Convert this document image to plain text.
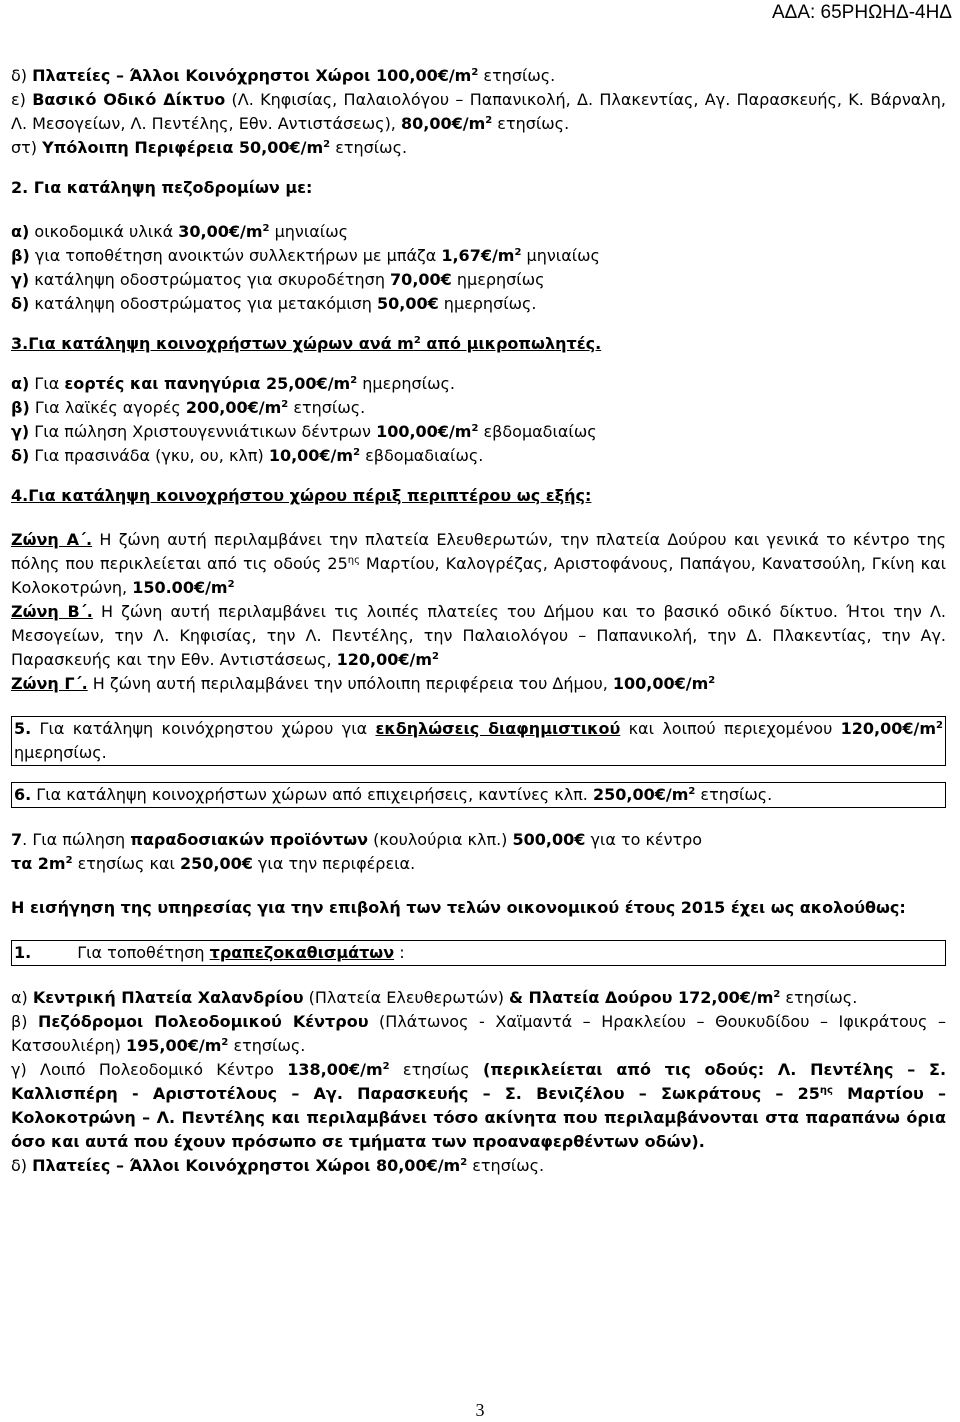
ΑΔΑ: 65ΡΗΩΗΔ-4ΗΔ

δ) Πλατείες – Άλλοι Κοινόχρηστοι Χώροι $100,00€/m^2$ ετησίως.

ε) Βασικό Οδικό Δίκτυο (Λ. Κηφισίας, Παλαιολόγου – Παπανικολή, Δ. Πλακεντίας, Αγ. Παρασκευής, Κ. Βάρναλη, Λ. Μεσογείων, Λ. Πεντέλης, Εθν. Αντιστάσεως), $80,00€/m^2$ ετησίως.

στ) Υπόλοιπη Περιφέρεια $50,00€/m^2$ ετησίως.

2. Για κατάληψη πεζοδρομίων με:

α) οικοδομικά υλικά $30,00€/m^2$ μηνιαίως

β) για τοποθέτηση ανοικτών συλλεκτήρων με μπάζα $1,67€/m^2$ μηνιαίως

γ) κατάληψη οδοστρώματος για σκυροδέτηση 70,00€ ημερησίως

δ) κατάληψη οδοστρώματος για μετακόμιση 50,00€ ημερησίως.

3.Για κατάληψη κοινοχρήστων χώρων ανά $m^2$ από μικροπωλητές.

α) Για εορτές και πανηγύρια $25,00€/m^2$ ημερησίως.

β) Για λαϊκές αγορές $200,00€/m^2$ ετησίως.

γ) Για πώληση Χριστουγεννιάτικων δέντρων $100,00€/m^2$ εβδομαδιαίως

δ) Για πρασινάδα (γκυ, ου, κλπ) $10,00€/m^2$ εβδομαδιαίως.

4.Για κατάληψη κοινοχρήστου χώρου πέριξ περιπτέρου ως εξής:

Ζώνη Α΄. Η ζώνη αυτή περιλαμβάνει την πλατεία Ελευθερωτών, την πλατεία Δούρου και γενικά το κέντρο της πόλης που περικλείεται από τις οδούς $25^{\eta\varsigma}$ Μαρτίου, Καλογρέζας, Αριστοφάνους, Παπάγου, Κανατσούλη, Γκίνη και Κολοκοτρώνη, $150.00€/m^2$

Ζώνη Β΄. Η ζώνη αυτή περιλαμβάνει τις λοιπές πλατείες του Δήμου και το βασικό οδικό δίκτυο. Ήτοι την Λ. Μεσογείων, την Λ. Κηφισίας, την Λ. Πεντέλης, την Παλαιολόγου – Παπανικολή, την Δ. Πλακεντίας, την Αγ. Παρασκευής και την Εθν. Αντιστάσεως, $120,00€/m^2$

Ζώνη Γ΄. Η ζώνη αυτή περιλαμβάνει την υπόλοιπη περιφέρεια του Δήμου, $100,00€/m^2$

5. Για κατάληψη κοινόχρηστου χώρου για εκδηλώσεις διαφημιστικού και λοιπού περιεχομένου $120,00€/m^2$ ημερησίως.

6. Για κατάληψη κοινοχρήστων χώρων από επιχειρήσεις, καντίνες κλπ. $250,00€/m^2$ ετησίως.

7. Για πώληση παραδοσιακών προϊόντων (κουλούρια κλπ.) 500,00€ για το κέντρο
τα $2m^2$ ετησίως και 250,00€ για την περιφέρεια.

Η εισήγηση της υπηρεσίας για την επιβολή των τελών οικονομικού έτους 2015 έχει ως ακολούθως:

1.	Για τοποθέτηση τραπεζοκαθισμάτων :

α) Κεντρική Πλατεία Χαλανδρίου (Πλατεία Ελευθερωτών) & Πλατεία Δούρου $172,00€/m^2$ ετησίως.

β) Πεζόδρομοι Πολεοδομικού Κέντρου (Πλάτωνος - Χαϊμαντά – Ηρακλείου – Θουκυδίδου – Ιφικράτους – Κατσουλιέρη) $195,00€/m^2$ ετησίως.

γ) Λοιπό Πολεοδομικό Κέντρο $138,00€/m^2$ ετησίως (περικλείεται από τις οδούς: Λ. Πεντέλης – Σ. Καλλισπέρη - Αριστοτέλους – Αγ. Παρασκευής – Σ. Βενιζέλου – Σωκράτους – $25^{\eta\varsigma}$ Μαρτίου – Κολοκοτρώνη – Λ. Πεντέλης και περιλαμβάνει τόσο ακίνητα που περιλαμβάνονται στα παραπάνω όρια όσο και αυτά που έχουν πρόσωπο σε τμήματα των προαναφερθέντων οδών).

δ) Πλατείες – Άλλοι Κοινόχρηστοι Χώροι $80,00€/m^2$ ετησίως.

3
